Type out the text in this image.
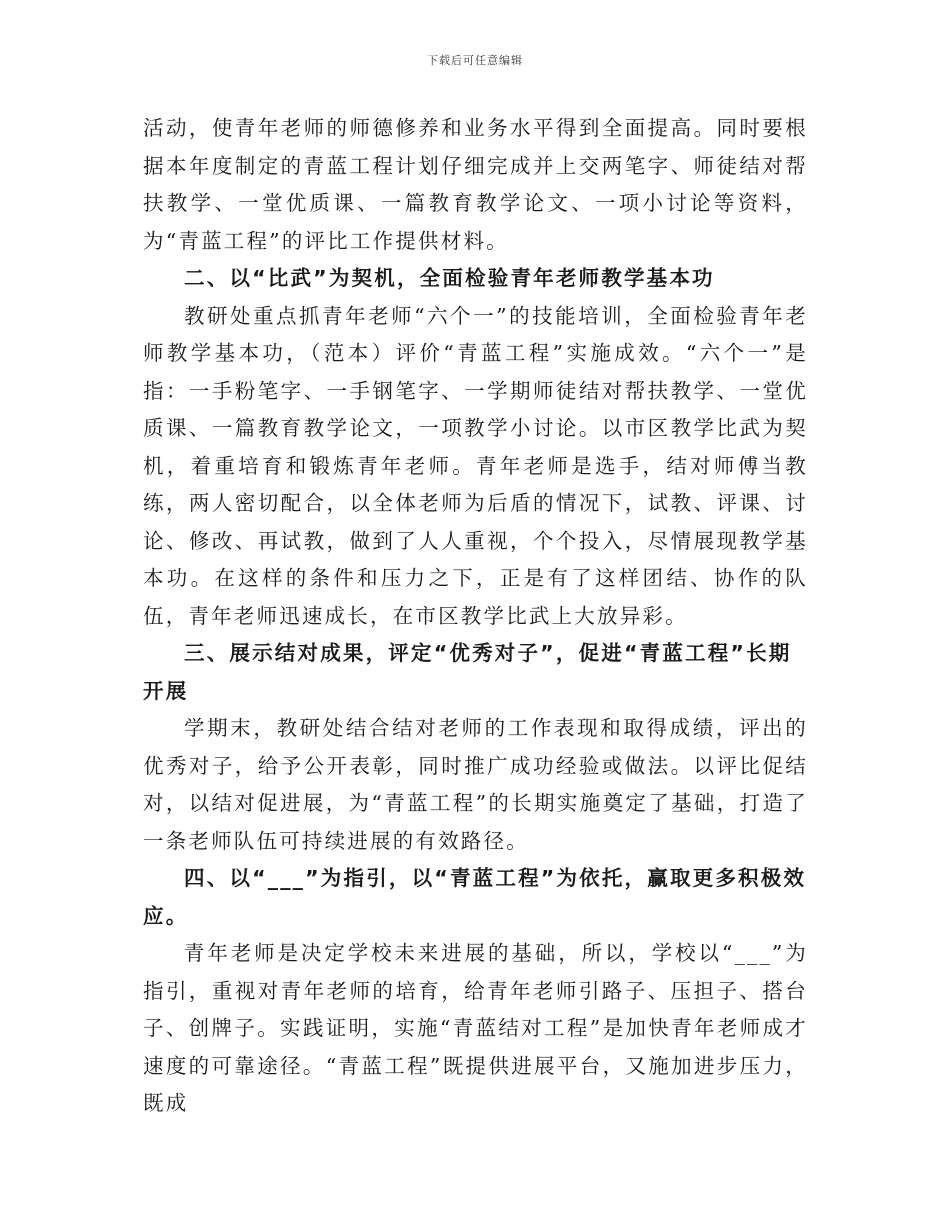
下载后可任意编辑

活动，使青年老师的师德修养和业务水平得到全面提高。同时要根据本年度制定的青蓝工程计划仔细完成并上交两笔字、师徒结对帮扶教学、一堂优质课、一篇教育教学论文、一项小讨论等资料，为“青蓝工程”的评比工作提供材料。

二、以“比武”为契机，全面检验青年老师教学基本功

教研处重点抓青年老师“六个一”的技能培训，全面检验青年老师教学基本功，（范本）评价“青蓝工程”实施成效。“六个一”是指：一手粉笔字、一手钢笔字、一学期师徒结对帮扶教学、一堂优质课、一篇教育教学论文，一项教学小讨论。以市区教学比武为契机，着重培育和锻炼青年老师。青年老师是选手，结对师傅当教练，两人密切配合，以全体老师为后盾的情况下，试教、评课、讨论、修改、再试教，做到了人人重视，个个投入，尽情展现教学基本功。在这样的条件和压力之下，正是有了这样团结、协作的队伍，青年老师迅速成长，在市区教学比武上大放异彩。

三、展示结对成果，评定“优秀对子”，促进“青蓝工程”长期开展

学期末，教研处结合结对老师的工作表现和取得成绩，评出的优秀对子，给予公开表彰，同时推广成功经验或做法。以评比促结对，以结对促进展，为“青蓝工程”的长期实施奠定了基础，打造了一条老师队伍可持续进展的有效路径。

四、以“___”为指引，以“青蓝工程”为依托，赢取更多积极效应。

青年老师是决定学校未来进展的基础，所以，学校以“___”为指引，重视对青年老师的培育，给青年老师引路子、压担子、搭台子、创牌子。实践证明，实施“青蓝结对工程”是加快青年老师成才速度的可靠途径。“青蓝工程”既提供进展平台，又施加进步压力，既成
